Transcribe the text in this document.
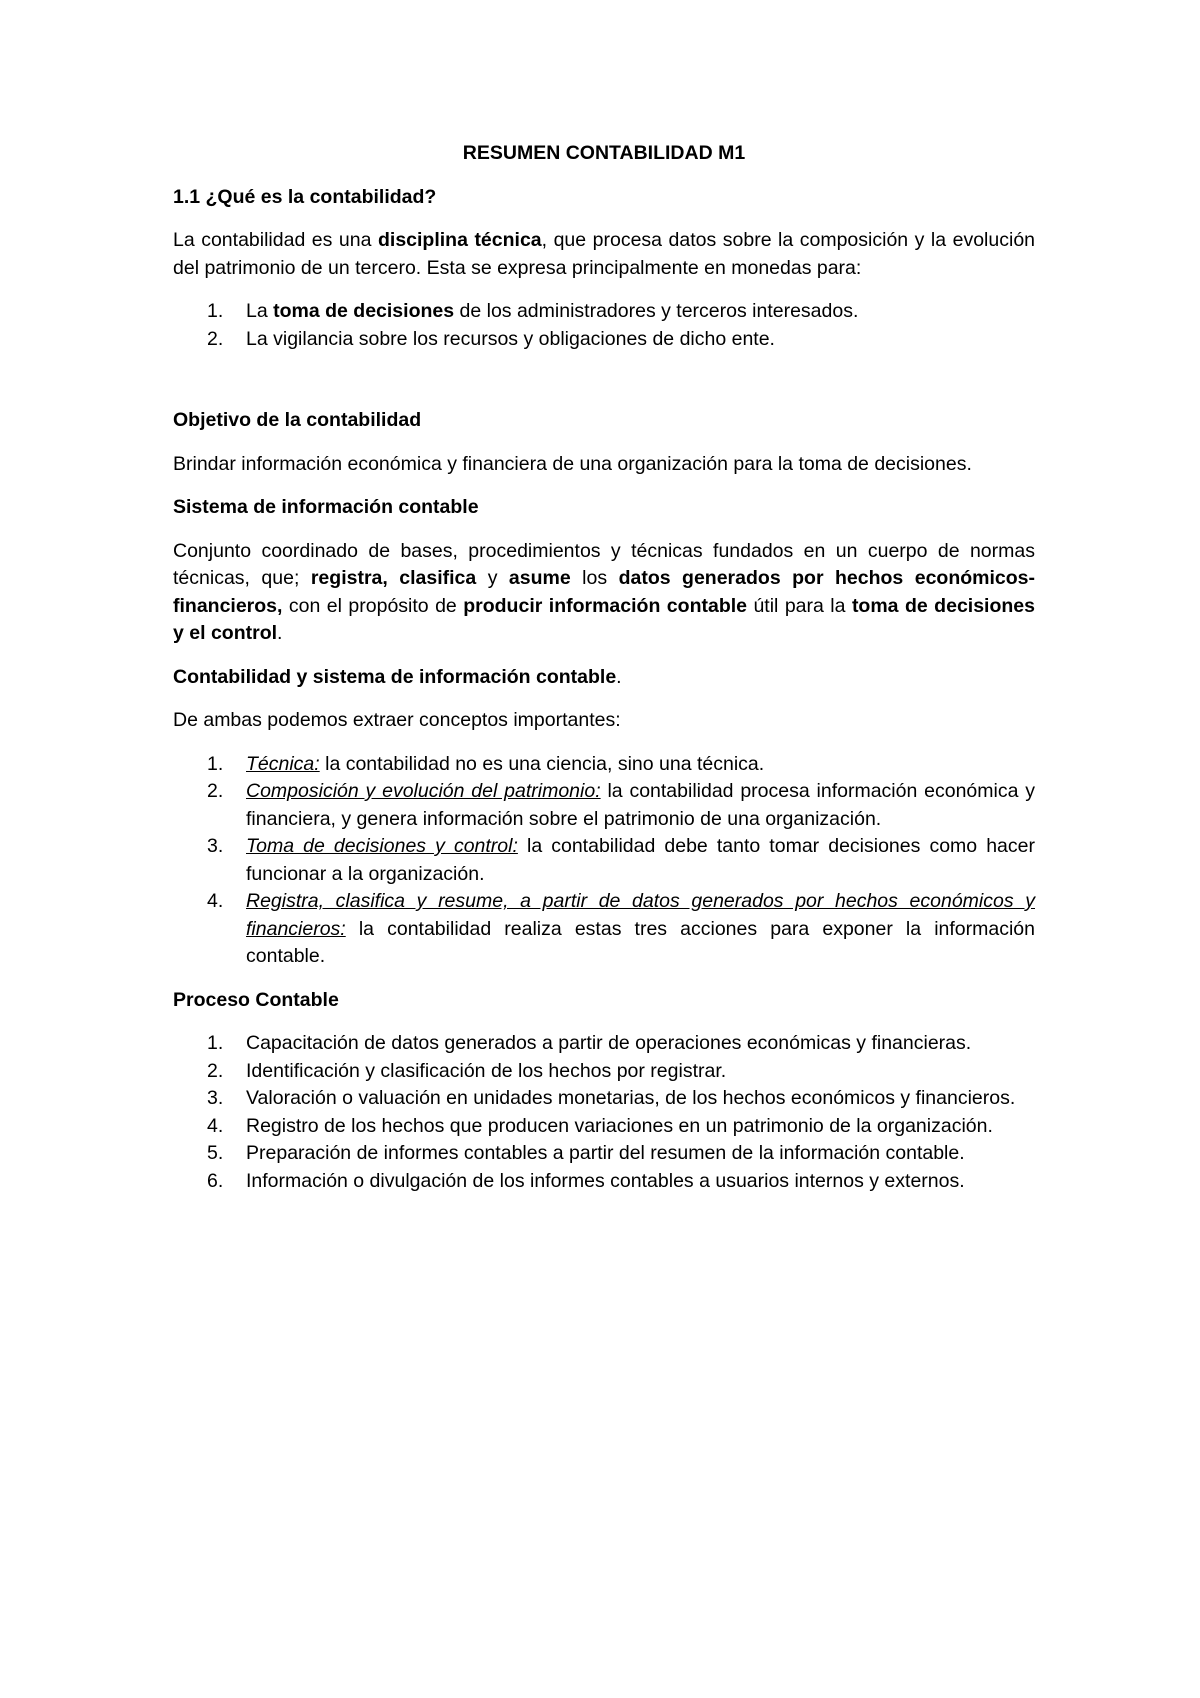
RESUMEN CONTABILIDAD M1
1.1 ¿Qué es la contabilidad?

La contabilidad es una disciplina técnica, que procesa datos sobre la composición y la evolución del patrimonio de un tercero. Esta se expresa principalmente en monedas para:

1. La toma de decisiones de los administradores y terceros interesados.
2. La vigilancia sobre los recursos y obligaciones de dicho ente.
Objetivo de la contabilidad

Brindar información económica y financiera de una organización para la toma de decisiones.

Sistema de información contable

Conjunto coordinado de bases, procedimientos y técnicas fundados en un cuerpo de normas técnicas, que; registra, clasifica y asume los datos generados por hechos económicos-financieros, con el propósito de producir información contable útil para la toma de decisiones y el control.

Contabilidad y sistema de información contable.

De ambas podemos extraer conceptos importantes:

1. Técnica: la contabilidad no es una ciencia, sino una técnica.
2. Composición y evolución del patrimonio: la contabilidad procesa información económica y financiera, y genera información sobre el patrimonio de una organización.
3. Toma de decisiones y control: la contabilidad debe tanto tomar decisiones como hacer funcionar a la organización.
4. Registra, clasifica y resume, a partir de datos generados por hechos económicos y financieros: la contabilidad realiza estas tres acciones para exponer la información contable.
Proceso Contable
1. Capacitación de datos generados a partir de operaciones económicas y financieras.
2. Identificación y clasificación de los hechos por registrar.
3. Valoración o valuación en unidades monetarias, de los hechos económicos y financieros.
4. Registro de los hechos que producen variaciones en un patrimonio de la organización.
5. Preparación de informes contables a partir del resumen de la información contable.
6. Información o divulgación de los informes contables a usuarios internos y externos.
